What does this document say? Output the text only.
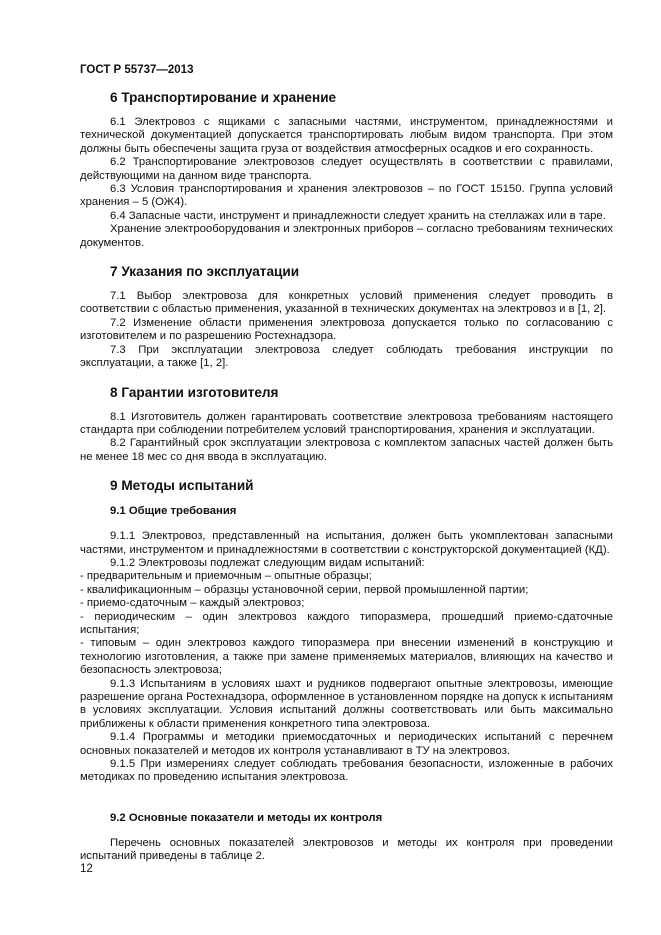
ГОСТ Р 55737—2013
6 Транспортирование и хранение

6.1 Электровоз с ящиками с запасными частями, инструментом, принадлежностями и технической документацией допускается транспортировать любым видом транспорта. При этом должны быть обеспечены защита груза от воздействия атмосферных осадков и его сохранность.

6.2 Транспортирование электровозов следует осуществлять в соответствии с правилами, действующими на данном виде транспорта.

6.3 Условия транспортирования и хранения электровозов – по ГОСТ 15150. Группа условий хранения – 5 (ОЖ4).

6.4 Запасные части, инструмент и принадлежности следует хранить на стеллажах или в таре.

Хранение электрооборудования и электронных приборов – согласно требованиям технических документов.

7 Указания по эксплуатации

7.1 Выбор электровоза для конкретных условий применения следует проводить в соответствии с областью применения, указанной в технических документах на электровоз и в [1, 2].

7.2 Изменение области применения электровоза допускается только по согласованию с изготовителем и по разрешению Ростехнадзора.

7.3 При эксплуатации электровоза следует соблюдать требования инструкции по эксплуатации, а также [1, 2].

8 Гарантии изготовителя

8.1 Изготовитель должен гарантировать соответствие электровоза требованиям настоящего стандарта при соблюдении потребителем условий транспортирования, хранения и эксплуатации.

8.2 Гарантийный срок эксплуатации электровоза с комплектом запасных частей должен быть не менее 18 мес со дня ввода в эксплуатацию.

9 Методы испытаний
9.1 Общие требования

9.1.1 Электровоз, представленный на испытания, должен быть укомплектован запасными частями, инструментом и принадлежностями в соответствии с конструкторской документацией (КД).

9.1.2 Электровозы подлежат следующим видам испытаний:

- предварительным и приемочным – опытные образцы;

- квалификационным – образцы установочной серии, первой промышленной партии;

- приемо-сдаточным – каждый электровоз;

- периодическим – один электровоз каждого типоразмера, прошедший приемо-сдаточные испытания;

- типовым – один электровоз каждого типоразмера при внесении изменений в конструкцию и технологию изготовления, а также при замене применяемых материалов, влияющих на качество и безопасность электровоза;

9.1.3 Испытаниям в условиях шахт и рудников подвергают опытные электровозы, имеющие разрешение органа Ростехнадзора, оформленное в установленном порядке на допуск к испытаниям в условиях эксплуатации. Условия испытаний должны соответствовать или быть максимально приближены к области применения конкретного типа электровоза.

9.1.4 Программы и методики приемосдаточных и периодических испытаний с перечнем основных показателей и методов их контроля устанавливают в ТУ на электровоз.

9.1.5 При измерениях следует соблюдать требования безопасности, изложенные в рабочих методиках по проведению испытания электровоза.

9.2 Основные показатели и методы их контроля

Перечень основных показателей электровозов и методы их контроля при проведении испытаний приведены в таблице 2.

12
